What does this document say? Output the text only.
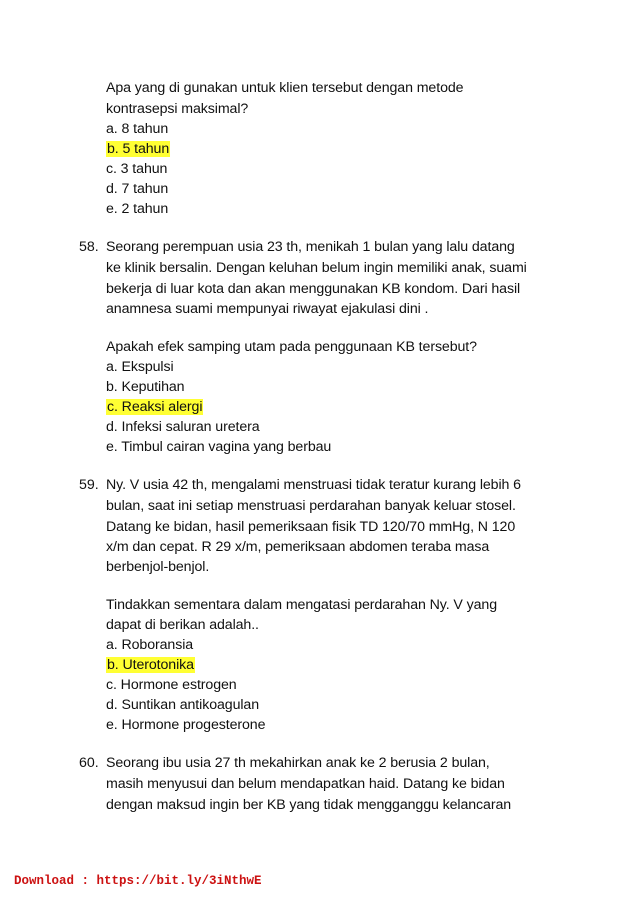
Apa yang di gunakan untuk klien tersebut dengan metode
kontrasepsi maksimal?
a. 8 tahun
b. 5 tahun
c. 3 tahun
d. 7 tahun
e. 2 tahun
58. Seorang perempuan usia 23 th, menikah 1 bulan yang lalu datang
ke klinik bersalin. Dengan keluhan belum ingin memiliki anak, suami
bekerja di luar kota dan akan menggunakan KB kondom. Dari hasil
anamnesa suami mempunyai riwayat ejakulasi dini .
Apakah efek samping utam pada penggunaan KB tersebut?
a. Ekspulsi
b. Keputihan
c. Reaksi alergi
d. Infeksi saluran uretera
e. Timbul cairan vagina yang berbau
59. Ny. V usia 42 th, mengalami menstruasi tidak teratur kurang lebih 6
bulan, saat ini setiap menstruasi perdarahan banyak keluar stosel.
Datang ke bidan, hasil pemeriksaan fisik TD 120/70 mmHg, N 120
x/m dan cepat. R 29 x/m, pemeriksaan abdomen teraba masa
berbenjol-benjol.
Tindakkan sementara dalam mengatasi perdarahan Ny. V yang
dapat di berikan adalah..
a. Roboransia
b. Uterotonika
c. Hormone estrogen
d. Suntikan antikoagulan
e. Hormone progesterone
60. Seorang ibu usia 27 th mekahirkan anak ke 2 berusia 2 bulan,
masih menyusui dan belum mendapatkan haid. Datang ke bidan
dengan maksud ingin ber KB yang tidak mengganggu kelancaran
Download : https://bit.ly/3iNthwE
